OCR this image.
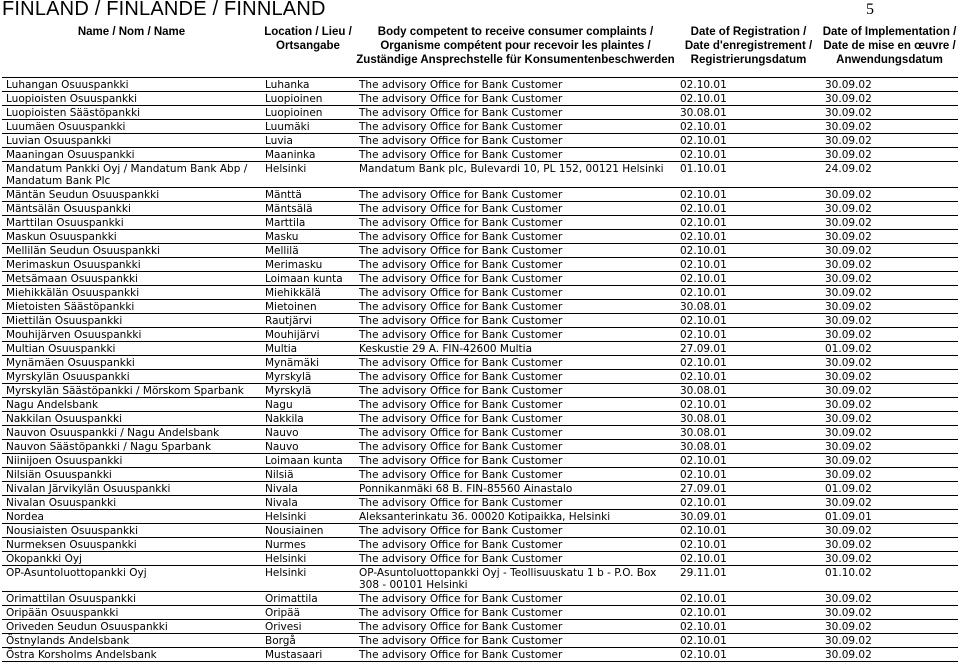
FINLAND / FINLANDE / FINNLAND	5
Name / Nom / Name	Location / Lieu / Ortsangabe	Body competent to receive consumer complaints / Organisme compétent pour recevoir les plaintes / Zuständige Ansprechstelle für Konsumentenbeschwerden	Date of Registration / Date d'enregistrement / Registrierungsdatum	Date of Implementation / Date de mise en œuvre / Anwendungsdatum
Luhangan Osuuspankki	Luhanka	The advisory Office for Bank Customer	02.10.01	30.09.02
Luopioisten Osuuspankki	Luopioinen	The advisory Office for Bank Customer	02.10.01	30.09.02
Luopioisten Säästöpankki	Luopioinen	The advisory Office for Bank Customer	30.08.01	30.09.02
Luumäen Osuuspankki	Luumäki	The advisory Office for Bank Customer	02.10.01	30.09.02
Luvian Osuuspankki	Luvia	The advisory Office for Bank Customer	02.10.01	30.09.02
Maaningan Osuuspankki	Maaninka	The advisory Office for Bank Customer	02.10.01	30.09.02
Mandatum Pankki Oyj / Mandatum Bank Abp / Mandatum Bank Plc	Helsinki	Mandatum Bank plc, Bulevardi 10, PL 152, 00121 Helsinki	01.10.01	24.09.02
Mäntän Seudun Osuuspankki	Mänttä	The advisory Office for Bank Customer	02.10.01	30.09.02
Mäntsälän Osuuspankki	Mäntsälä	The advisory Office for Bank Customer	02.10.01	30.09.02
Marttilan Osuuspankki	Marttila	The advisory Office for Bank Customer	02.10.01	30.09.02
Maskun Osuuspankki	Masku	The advisory Office for Bank Customer	02.10.01	30.09.02
Mellilän Seudun Osuuspankki	Mellilä	The advisory Office for Bank Customer	02.10.01	30.09.02
Merimaskun Osuuspankki	Merimasku	The advisory Office for Bank Customer	02.10.01	30.09.02
Metsämaan Osuuspankki	Loimaan kunta	The advisory Office for Bank Customer	02.10.01	30.09.02
Miehikkälän Osuuspankki	Miehikkälä	The advisory Office for Bank Customer	02.10.01	30.09.02
Mietoisten Säästöpankki	Mietoinen	The advisory Office for Bank Customer	30.08.01	30.09.02
Miettilän Osuuspankki	Rautjärvi	The advisory Office for Bank Customer	02.10.01	30.09.02
Mouhijärven Osuuspankki	Mouhijärvi	The advisory Office for Bank Customer	02.10.01	30.09.02
Multian Osuuspankki	Multia	Keskustie 29 A. FIN-42600 Multia	27.09.01	01.09.02
Mynämäen Osuuspankki	Mynämäki	The advisory Office for Bank Customer	02.10.01	30.09.02
Myrskylän Osuuspankki	Myrskylä	The advisory Office for Bank Customer	02.10.01	30.09.02
Myrskylän Säästöpankki / Mörskom Sparbank	Myrskylä	The advisory Office for Bank Customer	30.08.01	30.09.02
Nagu Andelsbank	Nagu	The advisory Office for Bank Customer	02.10.01	30.09.02
Nakkilan Osuuspankki	Nakkila	The advisory Office for Bank Customer	30.08.01	30.09.02
Nauvon Osuuspankki / Nagu Andelsbank	Nauvo	The advisory Office for Bank Customer	30.08.01	30.09.02
Nauvon Säästöpankki / Nagu Sparbank	Nauvo	The advisory Office for Bank Customer	30.08.01	30.09.02
Niinijoen Osuuspankki	Loimaan kunta	The advisory Office for Bank Customer	02.10.01	30.09.02
Nilsiän Osuuspankki	Nilsiä	The advisory Office for Bank Customer	02.10.01	30.09.02
Nivalan Järvikylän Osuuspankki	Nivala	Ponnikanmäki 68 B. FIN-85560 Ainastalo	27.09.01	01.09.02
Nivalan Osuuspankki	Nivala	The advisory Office for Bank Customer	02.10.01	30.09.02
Nordea	Helsinki	Aleksanterinkatu 36. 00020 Kotipaikka, Helsinki	30.09.01	01.09.01
Nousiaisten Osuuspankki	Nousiainen	The advisory Office for Bank Customer	02.10.01	30.09.02
Nurmeksen Osuuspankki	Nurmes	The advisory Office for Bank Customer	02.10.01	30.09.02
Okopankki Oyj	Helsinki	The advisory Office for Bank Customer	02.10.01	30.09.02
OP-Asuntoluottopankki Oyj	Helsinki	OP-Asuntoluottopankki Oyj - Teollisuuskatu 1 b - P.O. Box 308 - 00101 Helsinki	29.11.01	01.10.02
Orimattilan Osuuspankki	Orimattila	The advisory Office for Bank Customer	02.10.01	30.09.02
Oripään Osuuspankki	Oripää	The advisory Office for Bank Customer	02.10.01	30.09.02
Oriveden Seudun Osuuspankki	Orivesi	The advisory Office for Bank Customer	02.10.01	30.09.02
Östnylands Andelsbank	Borgå	The advisory Office for Bank Customer	02.10.01	30.09.02
Östra Korsholms Andelsbank	Mustasaari	The advisory Office for Bank Customer	02.10.01	30.09.02
